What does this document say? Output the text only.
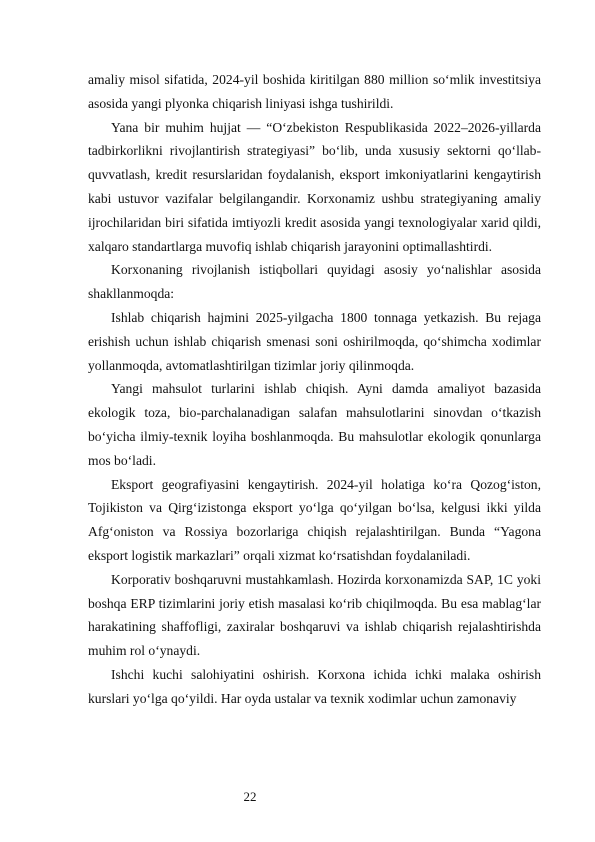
amaliy misol sifatida, 2024-yil boshida kiritilgan 880 million so‘mlik investitsiya asosida yangi plyonka chiqarish liniyasi ishga tushirildi.

Yana bir muhim hujjat — “O‘zbekiston Respublikasida 2022–2026-yillarda tadbirkorlikni rivojlantirish strategiyasi” bo‘lib, unda xususiy sektorni qo‘llab-quvvatlash, kredit resurslaridan foydalanish, eksport imkoniyatlarini kengaytirish kabi ustuvor vazifalar belgilangandir. Korxonamiz ushbu strategiyaning amaliy ijrochilaridan biri sifatida imtiyozli kredit asosida yangi texnologiyalar xarid qildi, xalqaro standartlarga muvofiq ishlab chiqarish jarayonini optimallashtirdi.

Korxonaning rivojlanish istiqbollari quyidagi asosiy yo‘nalishlar asosida shakllanmoqda:

Ishlab chiqarish hajmini 2025-yilgacha 1800 tonnaga yetkazish. Bu rejaga erishish uchun ishlab chiqarish smenasi soni oshirilmoqda, qo‘shimcha xodimlar yollanmoqda, avtomatlashtirilgan tizimlar joriy qilinmoqda.

Yangi mahsulot turlarini ishlab chiqish. Ayni damda amaliyot bazasida ekologik toza, bio-parchalanadigan salafan mahsulotlarini sinovdan o‘tkazish bo‘yicha ilmiy-texnik loyiha boshlanmoqda. Bu mahsulotlar ekologik qonunlarga mos bo‘ladi.

Eksport geografiyasini kengaytirish. 2024-yil holatiga ko‘ra Qozog‘iston, Tojikiston va Qirg‘izistonga eksport yo‘lga qo‘yilgan bo‘lsa, kelgusi ikki yilda Afg‘oniston va Rossiya bozorlariga chiqish rejalashtirilgan. Bunda “Yagona eksport logistik markazlari” orqali xizmat ko‘rsatishdan foydalaniladi.

Korporativ boshqaruvni mustahkamlash. Hozirda korxonamizda SAP, 1C yoki boshqa ERP tizimlarini joriy etish masalasi ko‘rib chiqilmoqda. Bu esa mablag‘lar harakatining shaffofligi, zaxiralar boshqaruvi va ishlab chiqarish rejalashtirishda muhim rol o‘ynaydi.

Ishchi kuchi salohiyatini oshirish. Korxona ichida ichki malaka oshirish kurslari yo‘lga qo‘yildi. Har oyda ustalar va texnik xodimlar uchun zamonaviy

22
